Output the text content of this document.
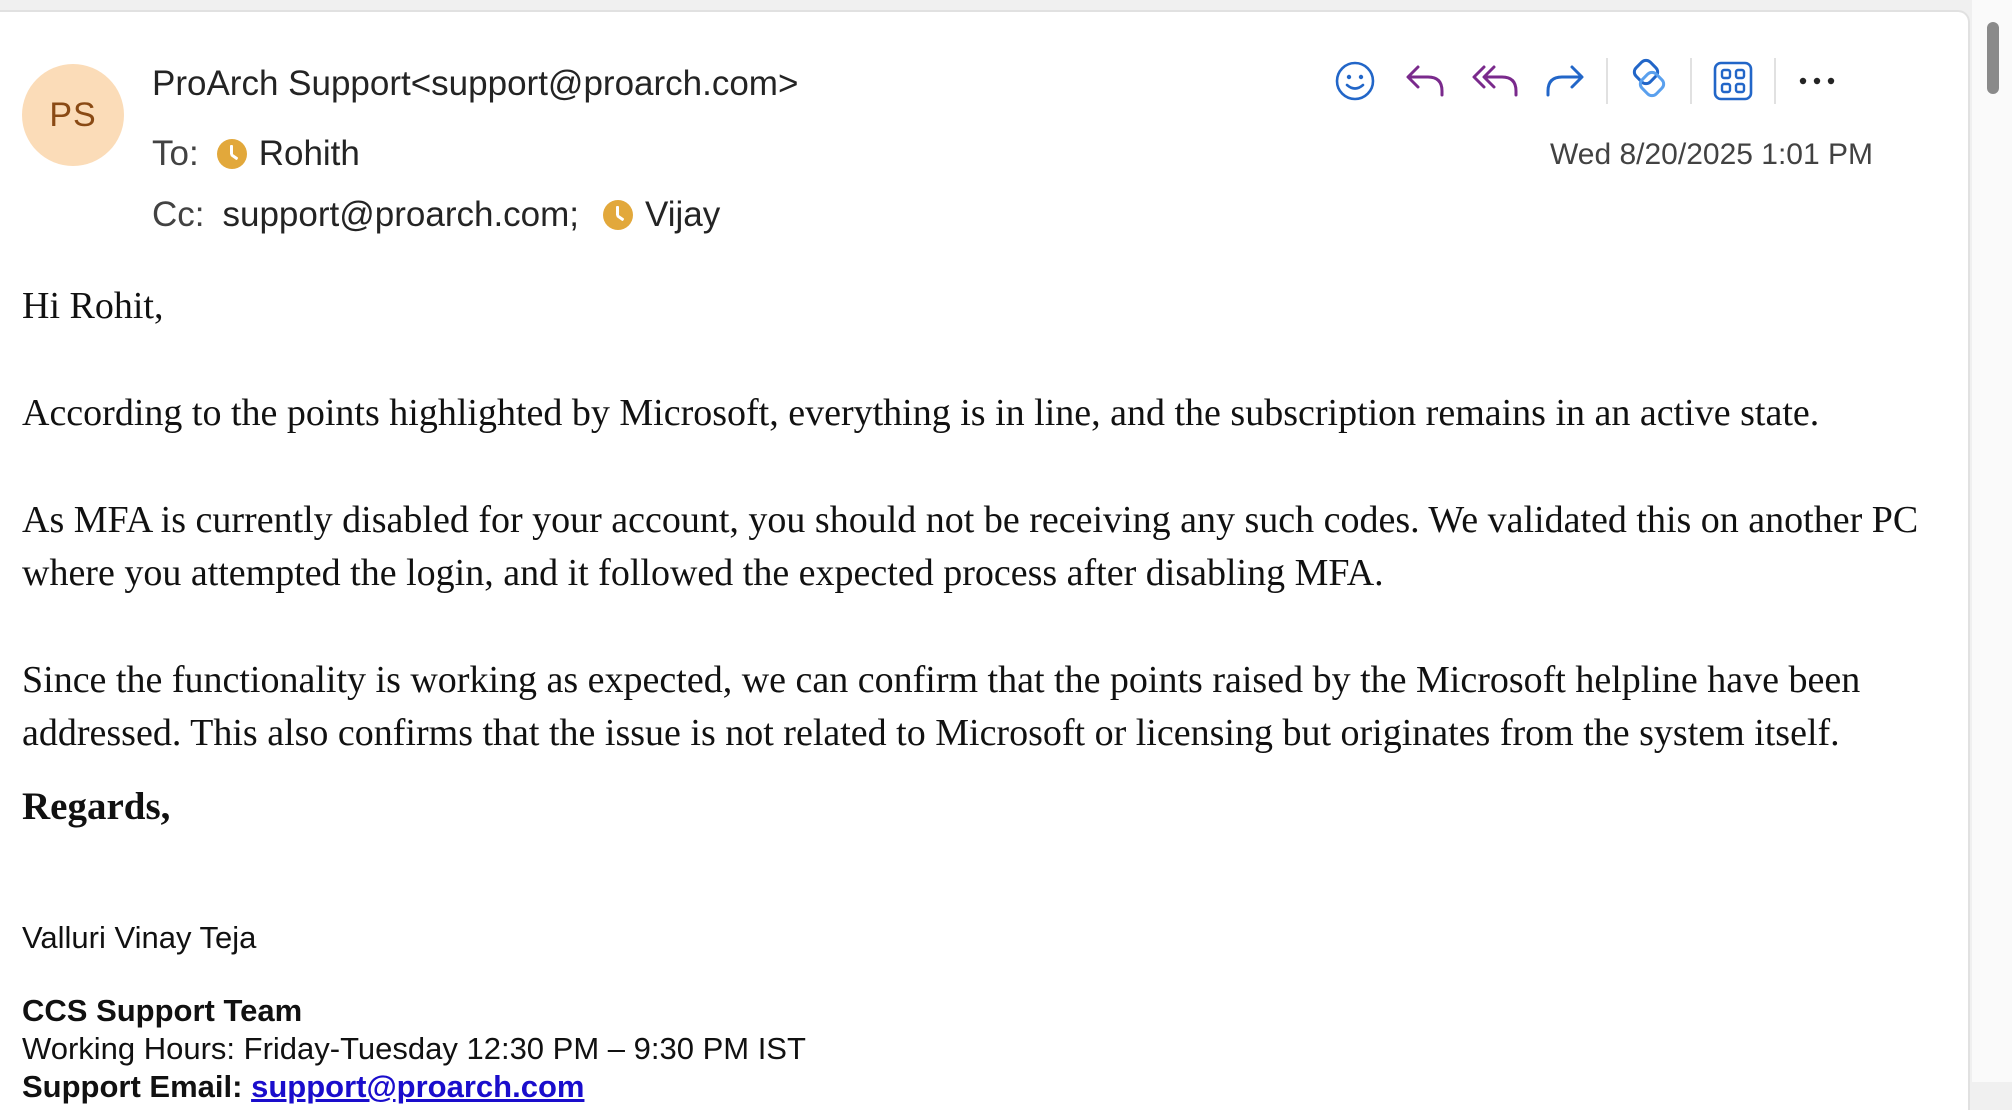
PS
ProArch Support<support@proarch.com>
To: Rohith
Cc: support@proarch.com; Vijay
Wed 8/20/2025 1:01 PM

Hi Rohit,

According to the points highlighted by Microsoft, everything is in line, and the subscription remains in an active state.

As MFA is currently disabled for your account, you should not be receiving any such codes. We validated this on another PC where you attempted the login, and it followed the expected process after disabling MFA.

Since the functionality is working as expected, we can confirm that the points raised by the Microsoft helpline have been addressed. This also confirms that the issue is not related to Microsoft or licensing but originates from the system itself.

Regards,

Valluri Vinay Teja
CCS Support Team
Working Hours: Friday-Tuesday 12:30 PM – 9:30 PM IST
Support Email: support@proarch.com
